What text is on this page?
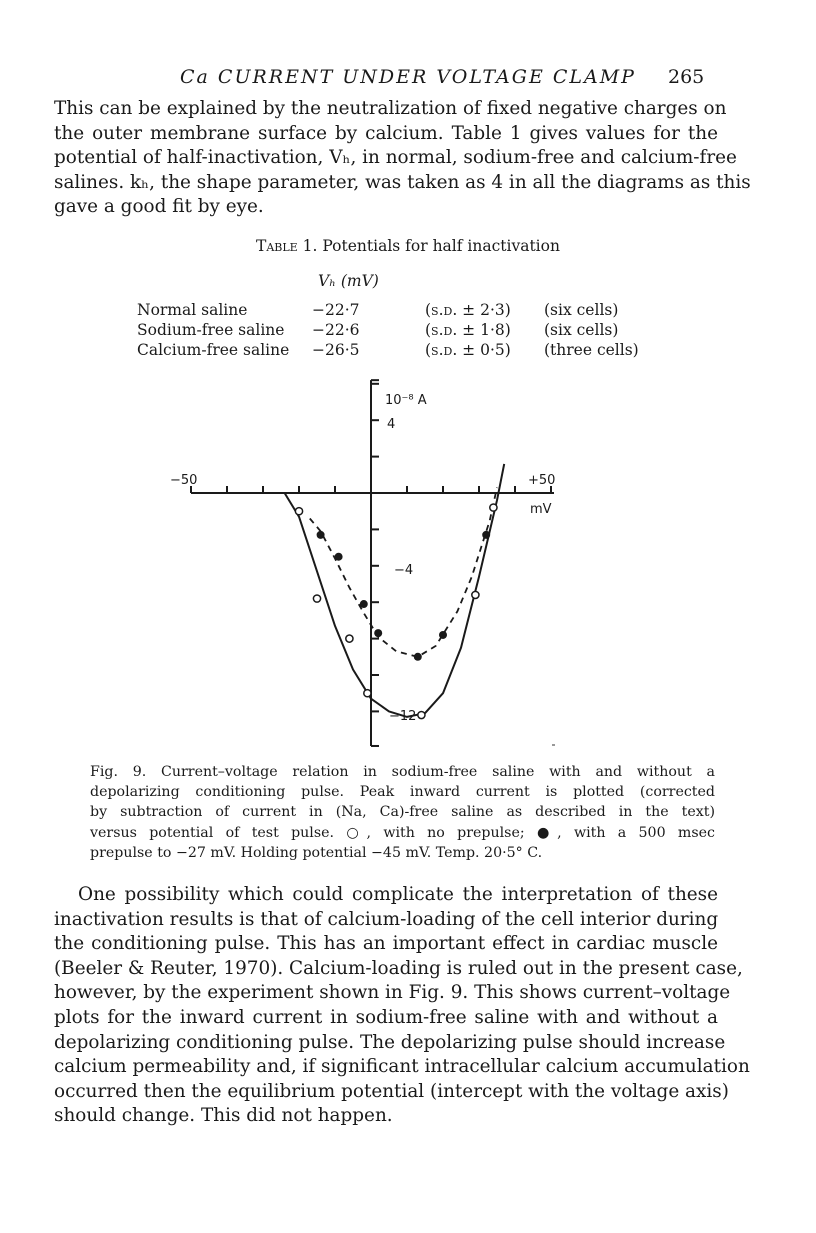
Ca CURRENT UNDER VOLTAGE CLAMP	265

This can be explained by the neutralization of fixed negative charges on
the outer membrane surface by calcium. Table 1 gives values for the
potential of half-inactivation, Vₕ, in normal, sodium-free and calcium-free
salines. kₕ, the shape parameter, was taken as 4 in all the diagrams as this
gave a good fit by eye.

Table 1. Potentials for half inactivation
Vₕ (mV)
Normal saline	−22·7	(s.d. ± 2·3) (six cells)
Sodium-free saline −22·6	(s.d. ± 1·8) (six cells)
Calcium-free saline −26·5	(s.d. ± 0·5) (three cells)
10⁻⁸ A
4
−4
−12
−50	+50
mV

Fig. 9. Current–voltage relation in sodium-free saline with and without a
depolarizing conditioning pulse. Peak inward current is plotted (corrected
by subtraction of current in (Na, Ca)-free saline as described in the text)
versus potential of test pulse. ○, with no prepulse; ●, with a 500 msec
prepulse to −27 mV. Holding potential −45 mV. Temp. 20·5° C.

One possibility which could complicate the interpretation of these
inactivation results is that of calcium-loading of the cell interior during
the conditioning pulse. This has an important effect in cardiac muscle
(Beeler & Reuter, 1970). Calcium-loading is ruled out in the present case,
however, by the experiment shown in Fig. 9. This shows current–voltage
plots for the inward current in sodium-free saline with and without a
depolarizing conditioning pulse. The depolarizing pulse should increase
calcium permeability and, if significant intracellular calcium accumulation
occurred then the equilibrium potential (intercept with the voltage axis)
should change. This did not happen.
